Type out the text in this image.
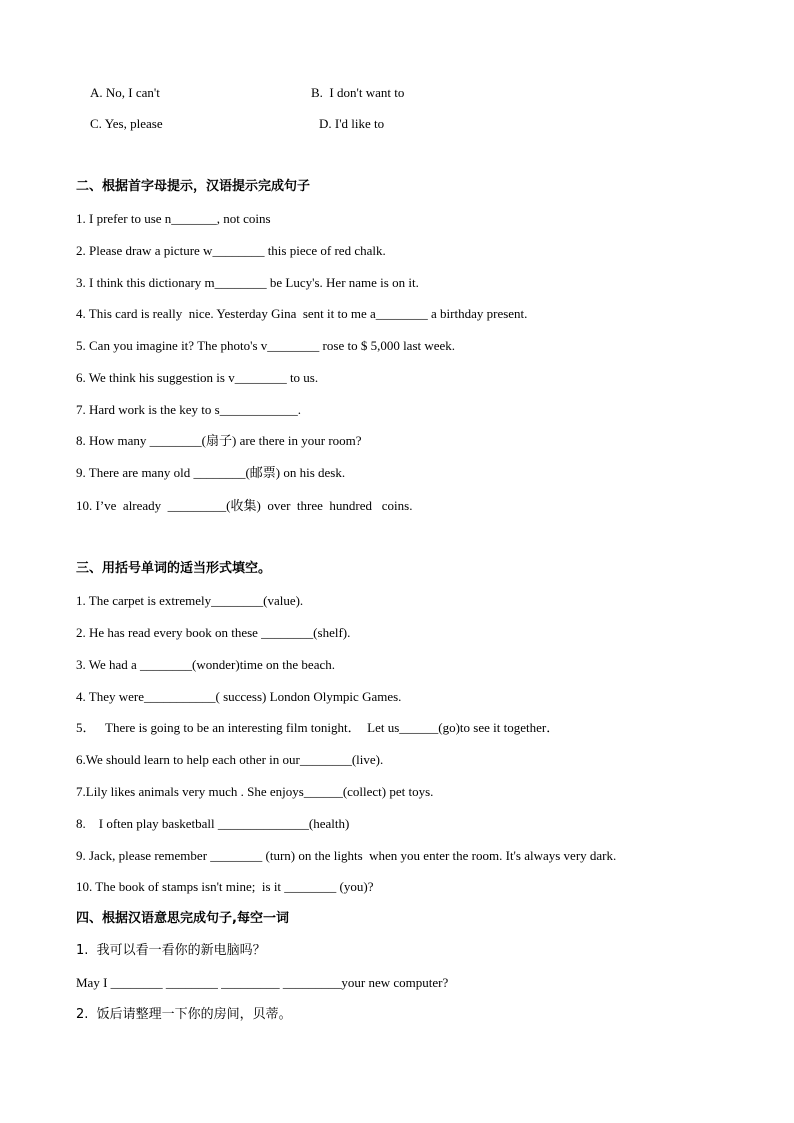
A. No, I can't	B.  I don't want to
C. Yes, please	D. I'd like to
二、根据首字母提示，汉语提示完成句子
1. I prefer to use n_______, not coins
2. Please draw a picture w________ this piece of red chalk.
3. I think this dictionary m________ be Lucy's. Her name is on it.
4. This card is really  nice. Yesterday Gina  sent it to me a________ a birthday present.
5. Can you imagine it? The photo's v________ rose to $ 5,000 last week.
6. We think his suggestion is v________ to us.
7. Hard work is the key to s____________.
8. How many ________(扇子) are there in your room?
9. There are many old ________(邮票) on his desk.
10. I’ve  already  _________(收集)  over  three  hundred   coins.
三、用括号单词的适当形式填空。
1. The carpet is extremely________(value).
2. He has read every book on these ________(shelf).
3. We had a ________(wonder)time on the beach.
4. They were___________( success) London Olympic Games.
5．   There is going to be an interesting film tonight．  Let us______(go)to see it together．
6.We should learn to help each other in our________(live).
7.Lily likes animals very much . She enjoys______(collect) pet toys.
8.    I often play basketball ______________(health)
9. Jack, please remember ________ (turn) on the lights  when you enter the room. It's always very dark.
10. The book of stamps isn't mine;  is it ________ (you)?
四、根据汉语意思完成句子,每空一词
1.  我可以看一看你的新电脑吗？
May I ________ ________ _________ _________your new computer?
2.  饭后请整理一下你的房间，贝蒂。
